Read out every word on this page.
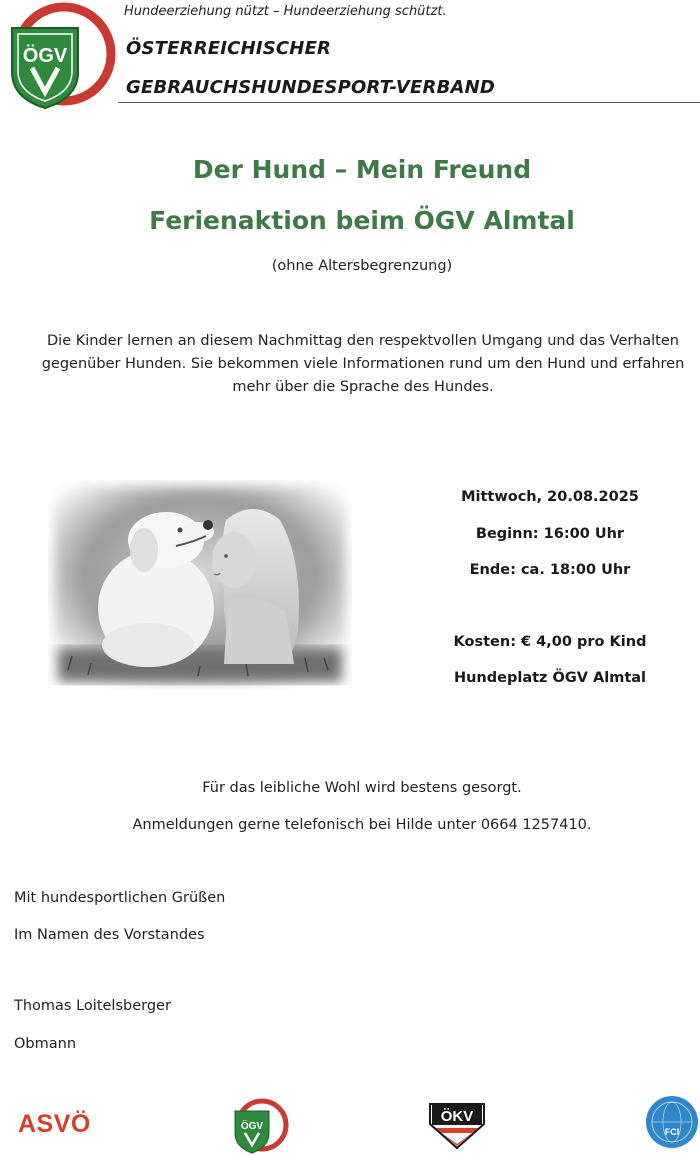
ÖGV
Hundeerziehung nützt – Hundeerziehung schützt.
ÖSTERREICHISCHER
GEBRAUCHSHUNDESPORT-VERBAND
Der Hund – Mein Freund
Ferienaktion beim ÖGV Almtal
(ohne Altersbegrenzung)
Die Kinder lernen an diesem Nachmittag den respektvollen Umgang und das Verhalten gegenüber Hunden. Sie bekommen viele Informationen rund um den Hund und erfahren mehr über die Sprache des Hundes.
Mittwoch, 20.08.2025
Beginn: 16:00 Uhr
Ende: ca. 18:00 Uhr
Kosten: € 4,00 pro Kind
Hundeplatz ÖGV Almtal
Für das leibliche Wohl wird bestens gesorgt.
Anmeldungen gerne telefonisch bei Hilde unter 0664 1257410.
Mit hundesportlichen Grüßen
Im Namen des Vorstandes
Thomas Loitelsberger
Obmann
ASVÖ	ÖGV
ÖKV
FCI
